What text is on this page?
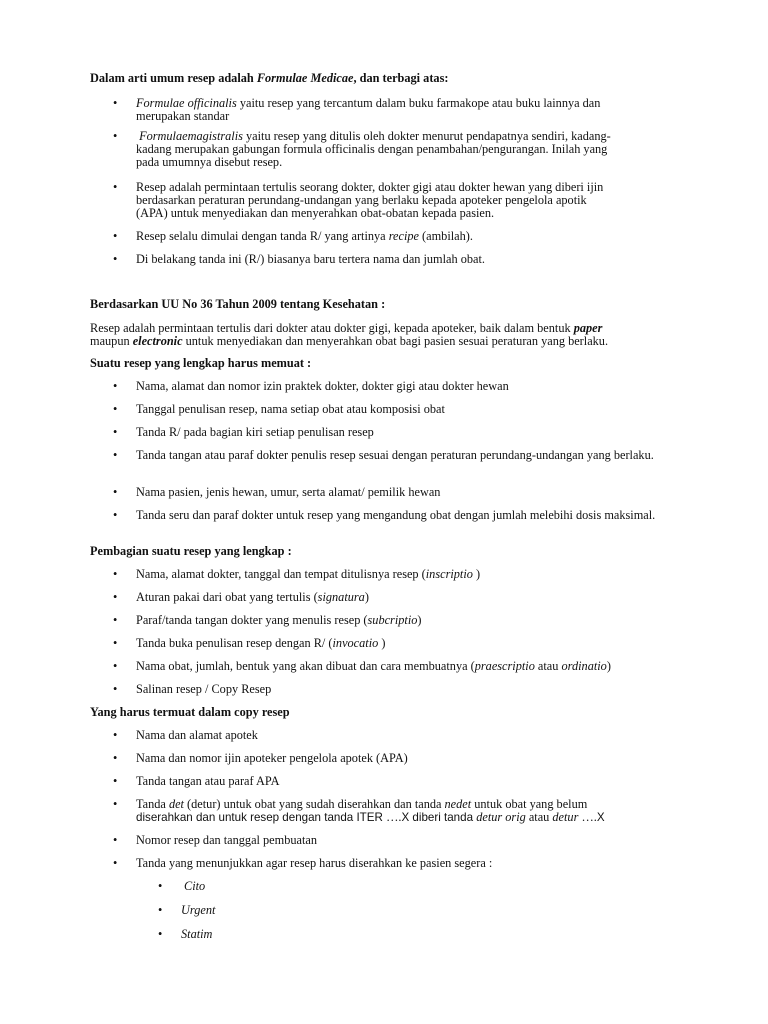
Dalam arti umum resep adalah Formulae Medicae, dan terbagi atas:
•	Formulae officinalis yaitu resep yang tercantum dalam buku farmakope atau buku lainnya dan
merupakan standar
•	Formulaemagistralis yaitu resep yang ditulis oleh dokter menurut pendapatnya sendiri, kadang-
kadang merupakan gabungan formula officinalis dengan penambahan/pengurangan. Inilah yang
pada umumnya disebut resep.
•	Resep adalah permintaan tertulis seorang dokter, dokter gigi atau dokter hewan yang diberi ijin
berdasarkan peraturan perundang-undangan yang berlaku kepada apoteker pengelola apotik
(APA) untuk menyediakan dan menyerahkan obat-obatan kepada pasien.
•	Resep selalu dimulai dengan tanda R/ yang artinya recipe (ambilah).
•	Di belakang tanda ini (R/) biasanya baru tertera nama dan jumlah obat.
Berdasarkan UU No 36 Tahun 2009 tentang Kesehatan :
Resep adalah permintaan tertulis dari dokter atau dokter gigi, kepada apoteker, baik dalam bentuk paper
maupun electronic untuk menyediakan dan menyerahkan obat bagi pasien sesuai peraturan yang berlaku.
Suatu resep yang lengkap harus memuat :
•	Nama, alamat dan nomor izin praktek dokter, dokter gigi atau dokter hewan
•	Tanggal penulisan resep, nama setiap obat atau komposisi obat
•	Tanda R/ pada bagian kiri setiap penulisan resep
•	Tanda tangan atau paraf dokter penulis resep sesuai dengan peraturan perundang-undangan yang berlaku.
•	Nama pasien, jenis hewan, umur, serta alamat/ pemilik hewan
•	Tanda seru dan paraf dokter untuk resep yang mengandung obat dengan jumlah melebihi dosis maksimal.
Pembagian suatu resep yang lengkap :
•	Nama, alamat dokter, tanggal dan tempat ditulisnya resep (inscriptio )
•	Aturan pakai dari obat yang tertulis (signatura)
•	Paraf/tanda tangan dokter yang menulis resep (subcriptio)
•	Tanda buka penulisan resep dengan R/ (invocatio )
•	Nama obat, jumlah, bentuk yang akan dibuat dan cara membuatnya (praescriptio atau ordinatio)
•	Salinan resep / Copy Resep
Yang harus termuat dalam copy resep
•	Nama dan alamat apotek
•	Nama dan nomor ijin apoteker pengelola apotek (APA)
•	Tanda tangan atau paraf APA
•	Tanda det (detur) untuk obat yang sudah diserahkan dan tanda nedet untuk obat yang belum
diserahkan dan untuk resep dengan tanda ITER ….X diberi tanda detur orig atau detur ….X
•	Nomor resep dan tanggal pembuatan
•	Tanda yang menunjukkan agar resep harus diserahkan ke pasien segera :
•	Cito
•	Urgent
•	Statim
